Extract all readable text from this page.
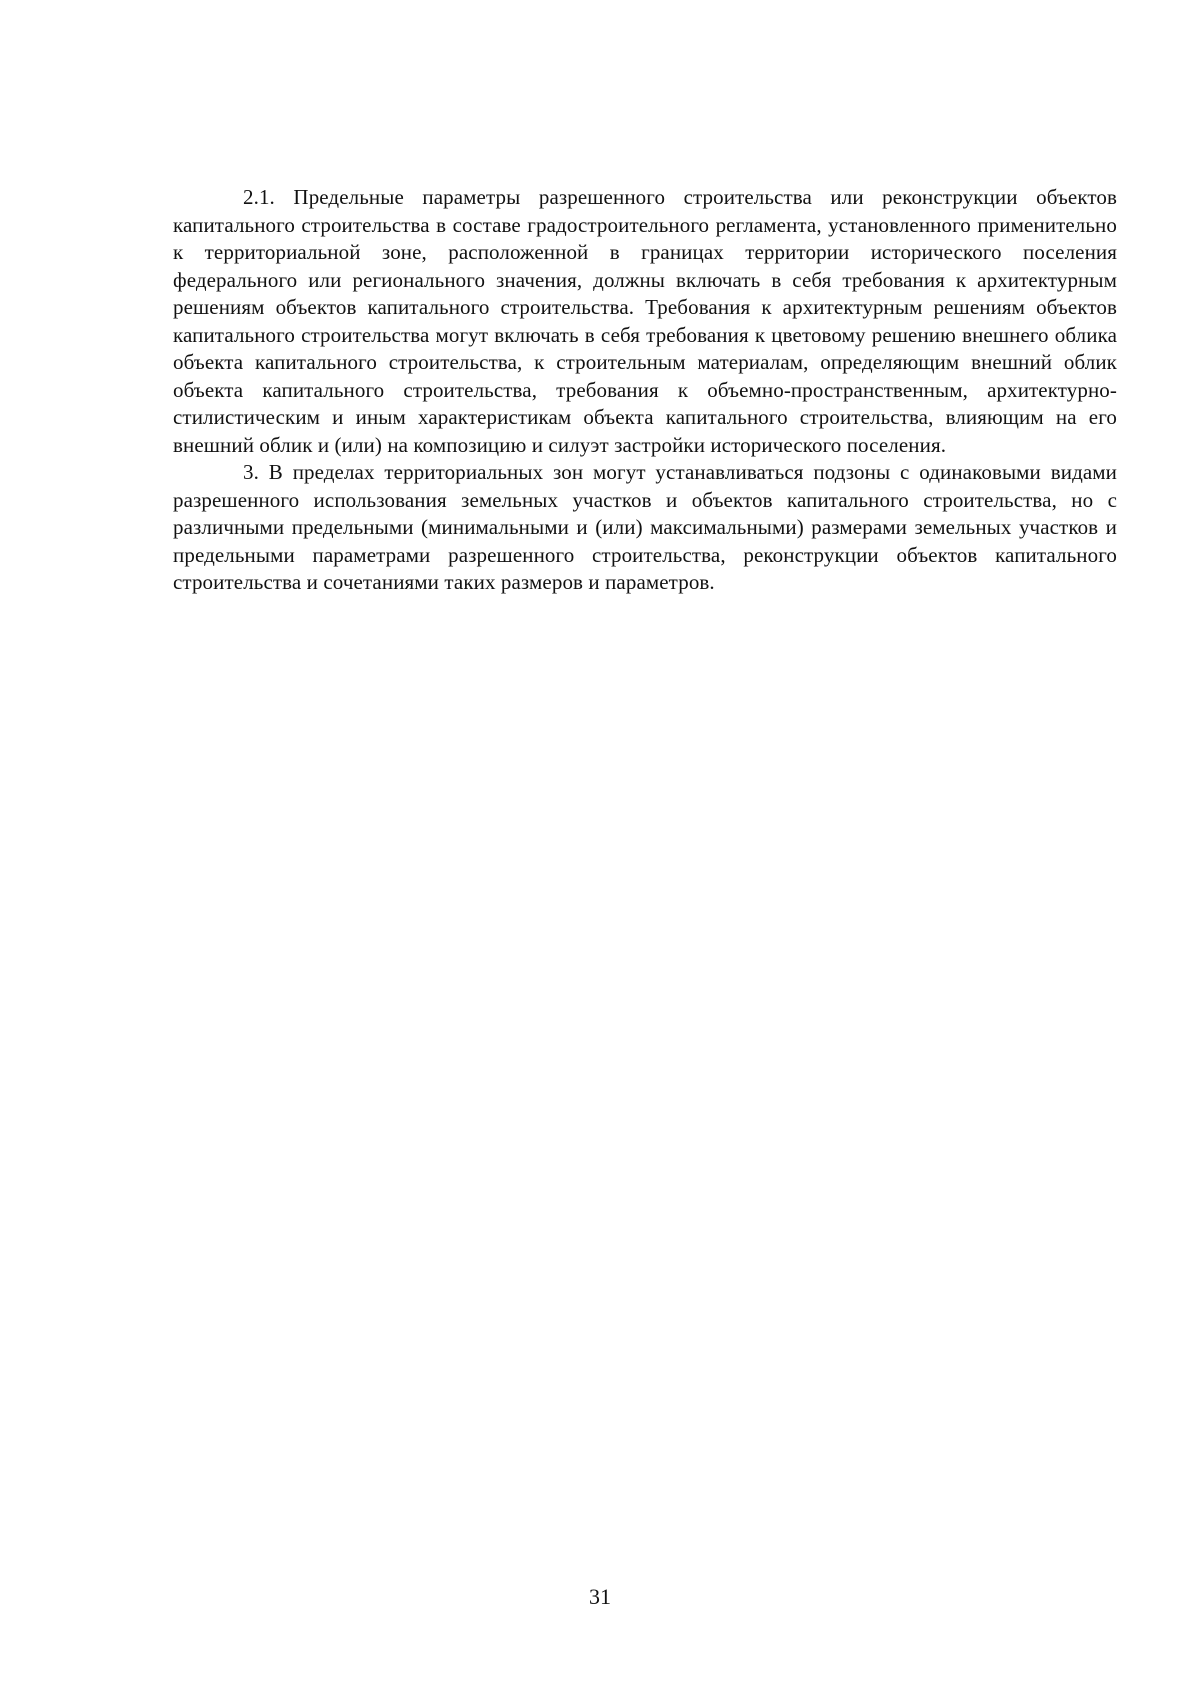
2.1. Предельные параметры разрешенного строительства или реконструкции объектов капитального строительства в составе градостроительного регламента, установленного применительно к территориальной зоне, расположенной в границах территории исторического поселения федерального или регионального значения, должны включать в себя требования к архитектурным решениям объектов капитального строительства. Требования к архитектурным решениям объектов капитального строительства могут включать в себя требования к цветовому решению внешнего облика объекта капитального строительства, к строительным материалам, определяющим внешний облик объекта капитального строительства, требования к объемно-пространственным, архитектурно-стилистическим и иным характеристикам объекта капитального строительства, влияющим на его внешний облик и (или) на композицию и силуэт застройки исторического поселения.

3. В пределах территориальных зон могут устанавливаться подзоны с одинаковыми видами разрешенного использования земельных участков и объектов капитального строительства, но с различными предельными (минимальными и (или) максимальными) размерами земельных участков и предельными параметрами разрешенного строительства, реконструкции объектов капитального строительства и сочетаниями таких размеров и параметров.

31
